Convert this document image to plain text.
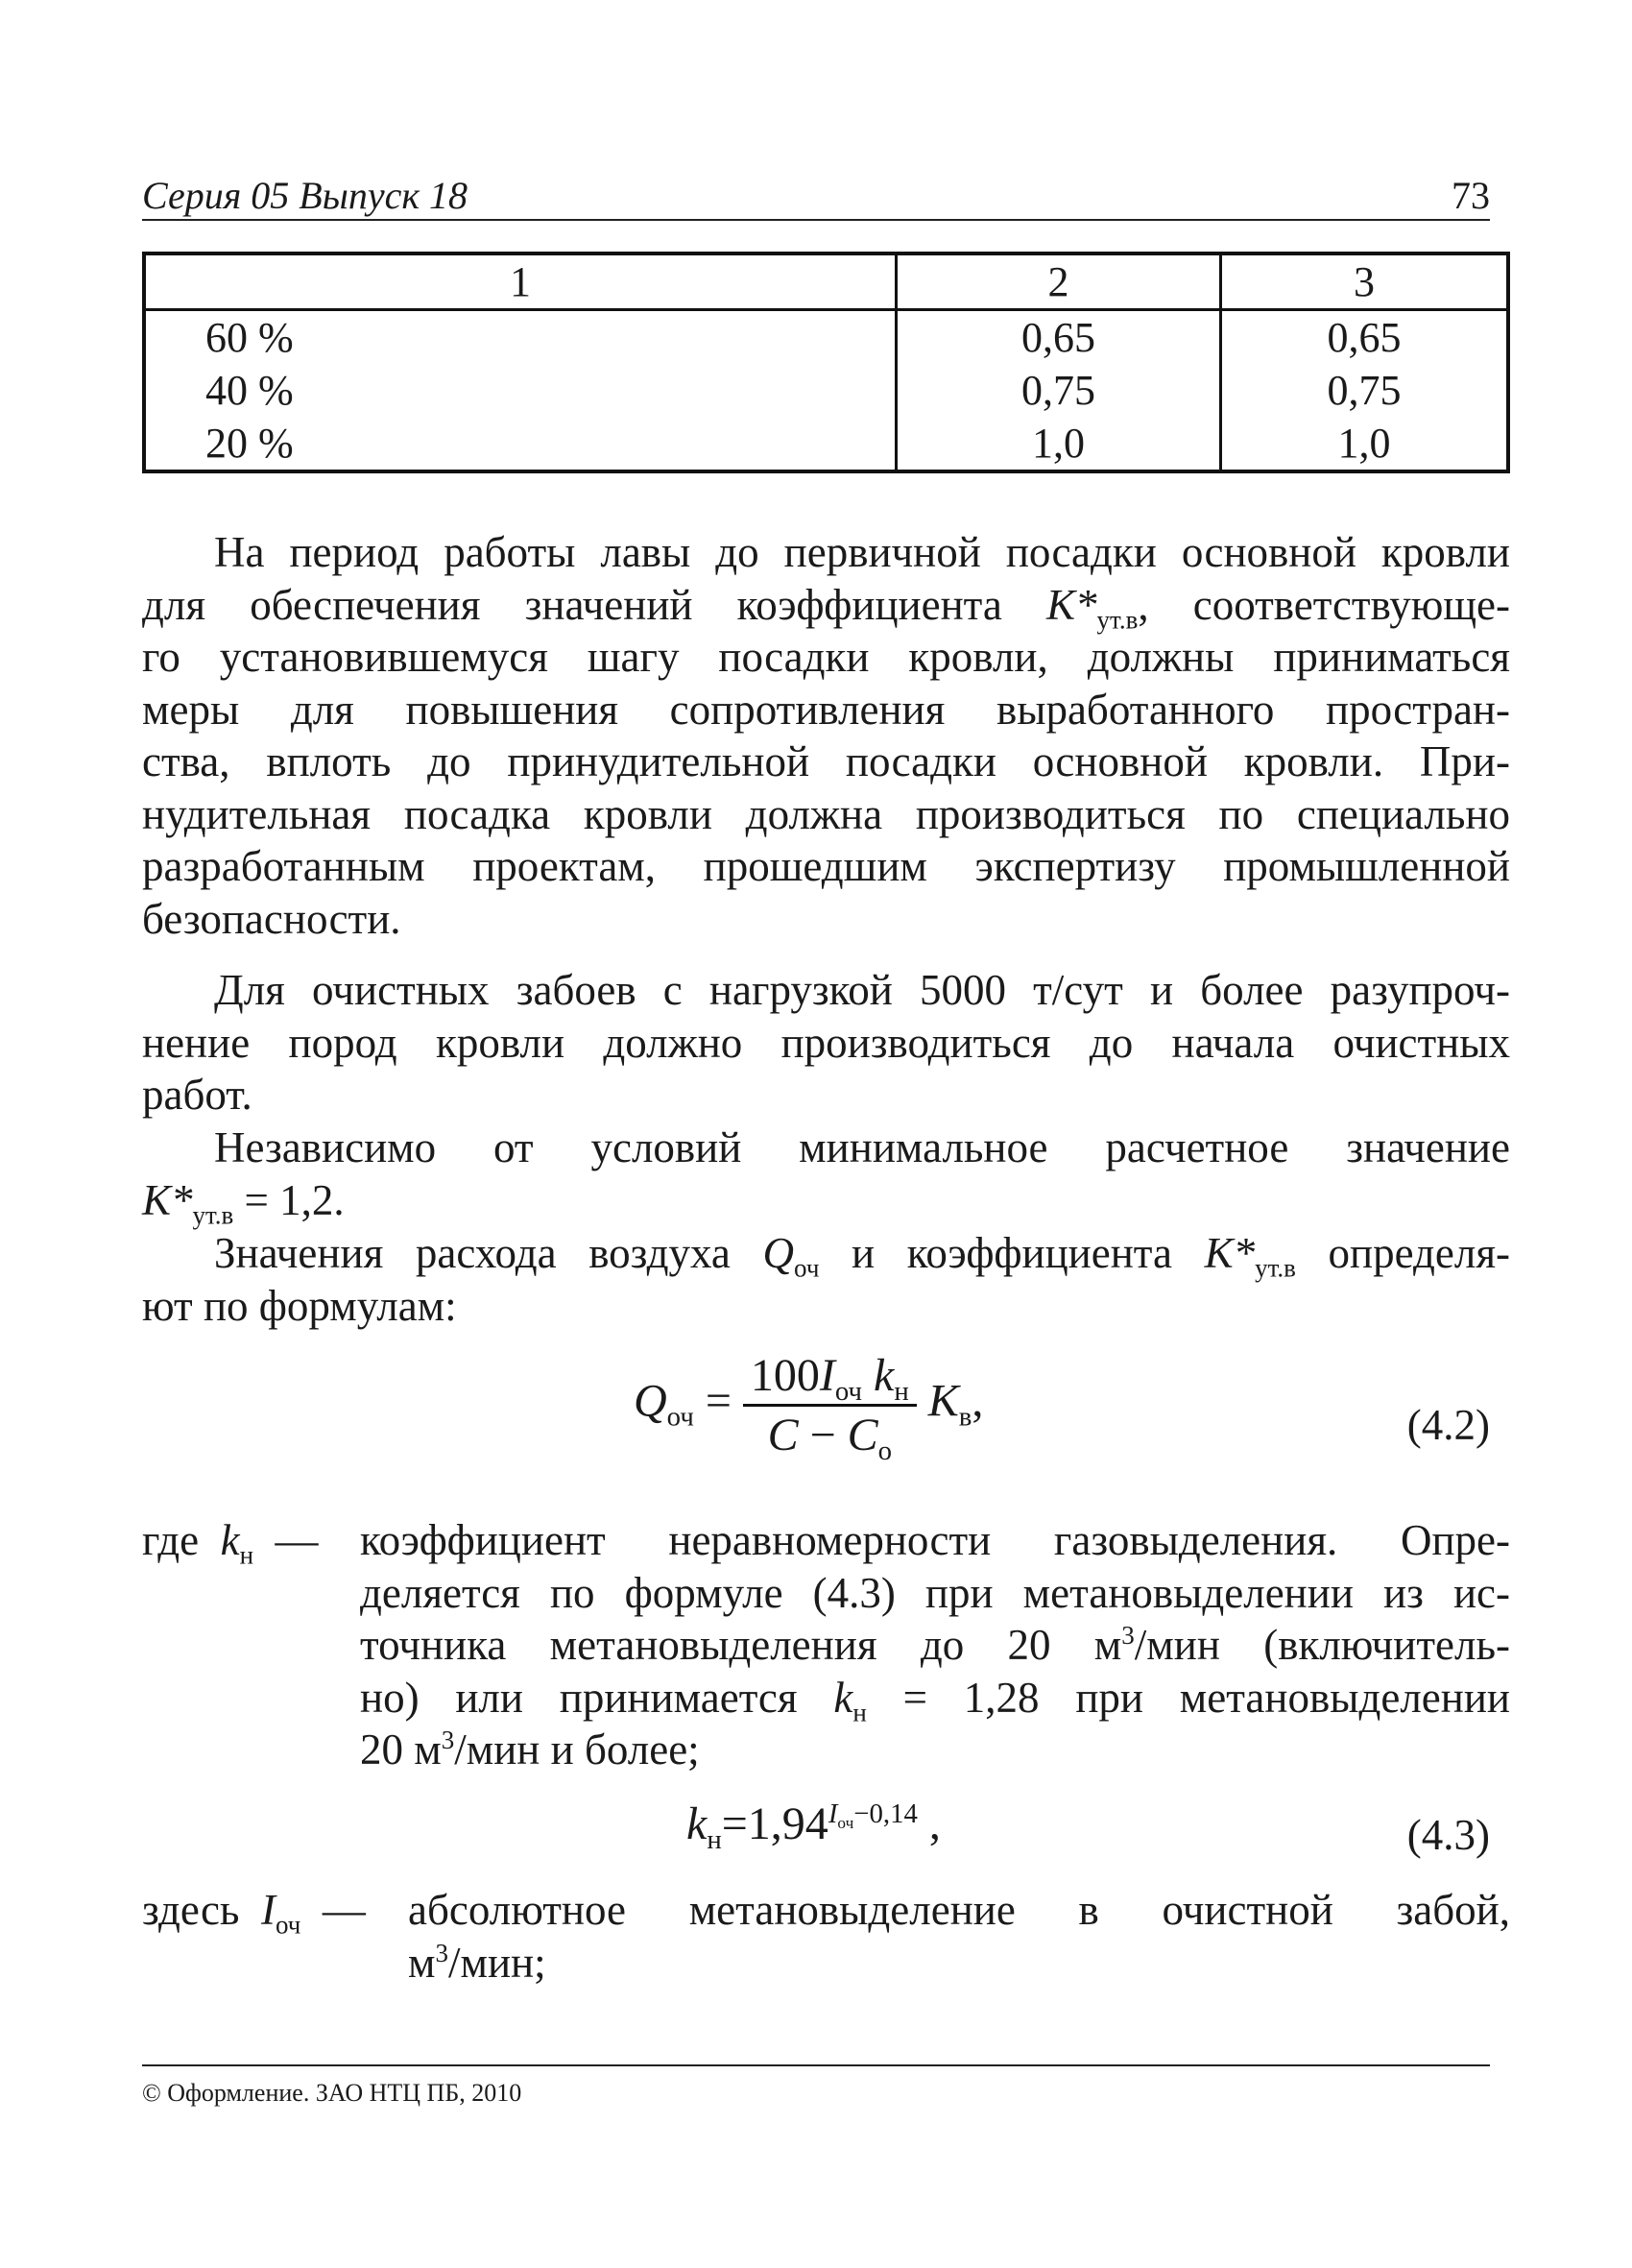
Серия 05 Выпуск 18	73
1	2	3
60 %	0,65	0,65
40 %	0,75	0,75
20 %	1,0	1,0
На период работы лавы до первичной посадки основной кровли
для обеспечения значений коэффициента $K*_{ут.в}$, соответствующе-
го установившемуся шагу посадки кровли, должны приниматься
меры для повышения сопротивления выработанного простран-
ства, вплоть до принудительной посадки основной кровли. При-
нудительная посадка кровли должна производиться по специально
разработанным проектам, прошедшим экспертизу промышленной
безопасности.
Для очистных забоев с нагрузкой 5000 т/сут и более разупроч-
нение пород кровли должно производиться до начала очистных
работ.
Независимо от условий минимальное расчетное значение
$K*_{ут.в} = 1,2$.
Значения расхода воздуха $Q_{оч}$ и коэффициента $K*_{ут.в}$ определя-
ют по формулам:
$Q_{оч} = \frac{100I_{оч} k_н}{C - C_о} K_в$,	(4.2)
где $k_н$ — коэффициент неравномерности газовыделения. Опре-
деляется по формуле (4.3) при метановыделении из ис-
точника метановыделения до 20 $м^3$/мин (включитель-
но) или принимается $k_н = 1,28$ при метановыделении
20 $м^3$/мин и более;
$k_н=1,94^{I_{оч}-0,14}$ ,	(4.3)
здесь $I_{оч}$ — абсолютное метановыделение в очистной забой,
$м^3$/мин;
© Оформление. ЗАО НТЦ ПБ, 2010
